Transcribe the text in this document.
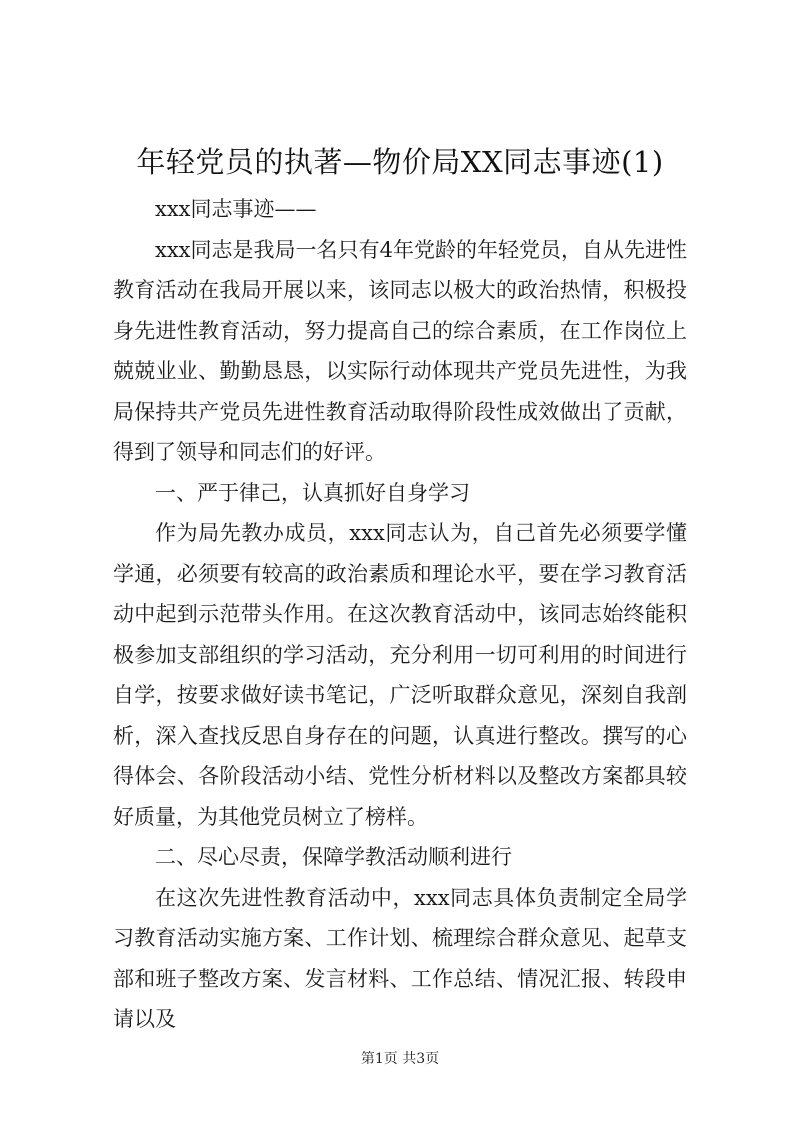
年轻党员的执著—物价局XX同志事迹(1)

xxx同志事迹——

xxx同志是我局一名只有4年党龄的年轻党员，自从先进性教育活动在我局开展以来，该同志以极大的政治热情，积极投身先进性教育活动，努力提高自己的综合素质，在工作岗位上兢兢业业、勤勤恳恳，以实际行动体现共产党员先进性，为我局保持共产党员先进性教育活动取得阶段性成效做出了贡献，得到了领导和同志们的好评。

一、严于律己，认真抓好自身学习

作为局先教办成员，xxx同志认为，自己首先必须要学懂学通，必须要有较高的政治素质和理论水平，要在学习教育活动中起到示范带头作用。在这次教育活动中，该同志始终能积极参加支部组织的学习活动，充分利用一切可利用的时间进行自学，按要求做好读书笔记，广泛听取群众意见，深刻自我剖析，深入查找反思自身存在的问题，认真进行整改。撰写的心得体会、各阶段活动小结、党性分析材料以及整改方案都具较好质量，为其他党员树立了榜样。

二、尽心尽责，保障学教活动顺利进行

在这次先进性教育活动中，xxx同志具体负责制定全局学习教育活动实施方案、工作计划、梳理综合群众意见、起草支部和班子整改方案、发言材料、工作总结、情况汇报、转段申请以及

第1页 共3页
